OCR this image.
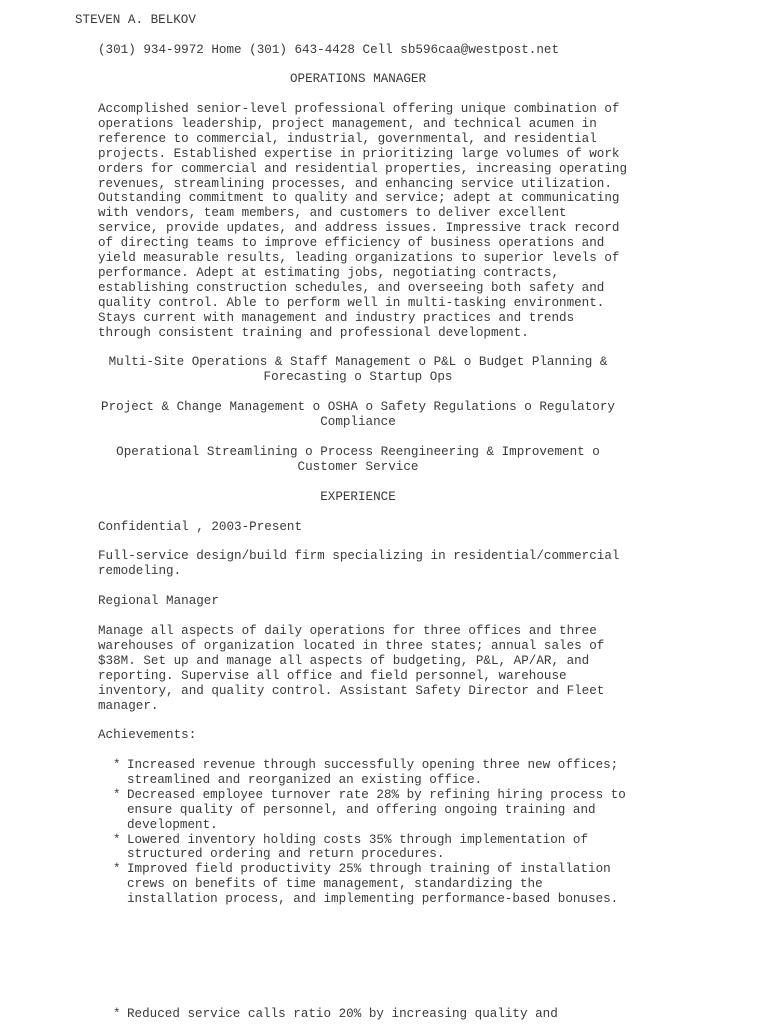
STEVEN A. BELKOV
(301) 934-9972 Home (301) 643-4428 Cell sb596caa@westpost.net
OPERATIONS MANAGER
Accomplished senior-level professional offering unique combination of
operations leadership, project management, and technical acumen in
reference to commercial, industrial, governmental, and residential
projects. Established expertise in prioritizing large volumes of work
orders for commercial and residential properties, increasing operating
revenues, streamlining processes, and enhancing service utilization.
Outstanding commitment to quality and service; adept at communicating
with vendors, team members, and customers to deliver excellent
service, provide updates, and address issues. Impressive track record
of directing teams to improve efficiency of business operations and
yield measurable results, leading organizations to superior levels of
performance. Adept at estimating jobs, negotiating contracts,
establishing construction schedules, and overseeing both safety and
quality control. Able to perform well in multi-tasking environment.
Stays current with management and industry practices and trends
through consistent training and professional development.
Multi-Site Operations & Staff Management o P&L o Budget Planning &
Forecasting o Startup Ops
Project & Change Management o OSHA o Safety Regulations o Regulatory
Compliance
Operational Streamlining o Process Reengineering & Improvement o
Customer Service
EXPERIENCE
Confidential , 2003-Present
Full-service design/build firm specializing in residential/commercial
remodeling.
Regional Manager
Manage all aspects of daily operations for three offices and three
warehouses of organization located in three states; annual sales of
$38M. Set up and manage all aspects of budgeting, P&L, AP/AR, and
reporting. Supervise all office and field personnel, warehouse
inventory, and quality control. Assistant Safety Director and Fleet
manager.
Achievements:
* Increased revenue through successfully opening three new offices;
streamlined and reorganized an existing office.
* Decreased employee turnover rate 28% by refining hiring process to
ensure quality of personnel, and offering ongoing training and
development.
* Lowered inventory holding costs 35% through implementation of
structured ordering and return procedures.
* Improved field productivity 25% through training of installation
crews on benefits of time management, standardizing the
installation process, and implementing performance-based bonuses.
* Reduced service calls ratio 20% by increasing quality and
